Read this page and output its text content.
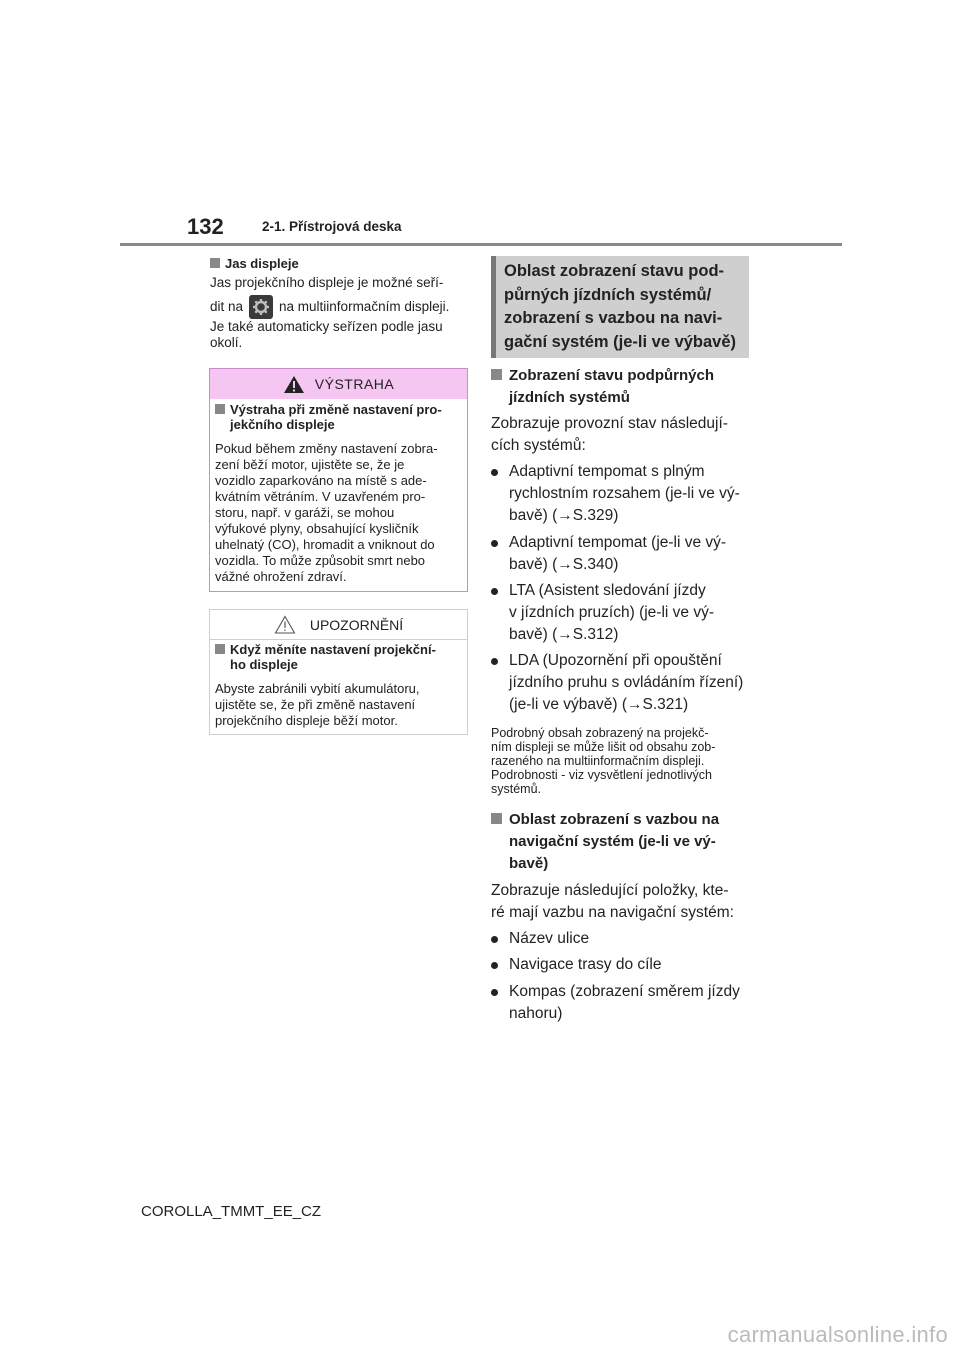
132	2-1. Přístrojová deska
Jas displeje
Jas projekčního displeje je možné seří-
dit na	na multiinformačním displeji.
Je také automaticky seřízen podle jasu
okolí.
VÝSTRAHA
Výstraha při změně nastavení pro-
jekčního displeje
Pokud během změny nastavení zobra-
zení běží motor, ujistěte se, že je
vozidlo zaparkováno na místě s ade-
kvátním větráním. V uzavřeném pro-
storu, např. v garáži, se mohou
výfukové plyny, obsahující kysličník
uhelnatý (CO), hromadit a vniknout do
vozidla. To může způsobit smrt nebo
vážné ohrožení zdraví.
UPOZORNĚNÍ
Když měníte nastavení projekční-
ho displeje
Abyste zabránili vybití akumulátoru,
ujistěte se, že při změně nastavení
projekčního displeje běží motor.
Oblast zobrazení stavu pod-
půrných jízdních systémů/
zobrazení s vazbou na navi-
gační systém (je-li ve výbavě)
Zobrazení stavu podpůrných
jízdních systémů
Zobrazuje provozní stav následují-
cích systémů:
Adaptivní tempomat s plným
rychlostním rozsahem (je-li ve vý-
bavě) (→S.329)
Adaptivní tempomat (je-li ve vý-
bavě) (→S.340)
LTA (Asistent sledování jízdy
v jízdních pruzích) (je-li ve vý-
bavě) (→S.312)
LDA (Upozornění při opouštění
jízdního pruhu s ovládáním řízení)
(je-li ve výbavě) (→S.321)
Podrobný obsah zobrazený na projekč-
ním displeji se může lišit od obsahu zob-
razeného na multiinformačním displeji.
Podrobnosti - viz vysvětlení jednotlivých
systémů.
Oblast zobrazení s vazbou na
navigační systém (je-li ve vý-
bavě)
Zobrazuje následující položky, kte-
ré mají vazbu na navigační systém:
Název ulice
Navigace trasy do cíle
Kompas (zobrazení směrem jízdy
nahoru)
COROLLA_TMMT_EE_CZ
carmanualsonline.info
